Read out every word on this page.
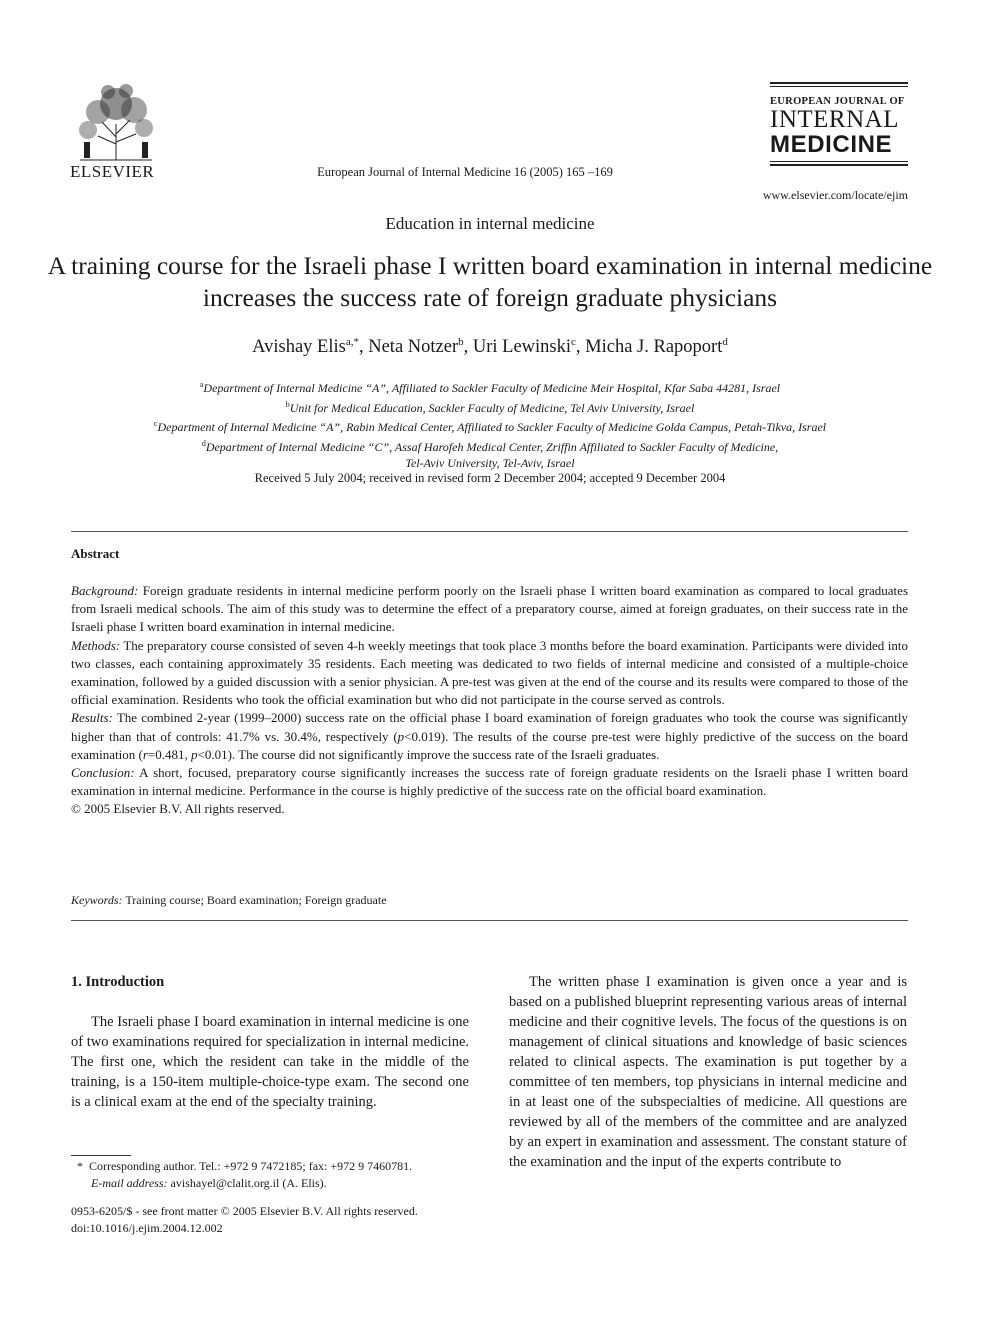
ELSEVIER	European Journal of Internal Medicine 16 (2005) 165 –169
EUROPEAN JOURNAL OF
INTERNAL
MEDICINE
www.elsevier.com/locate/ejim
Education in internal medicine
A training course for the Israeli phase I written board examination in internal medicine increases the success rate of foreign graduate physicians
Avishay Elis$^{a,*}$, Neta Notzer$^b$, Uri Lewinski$^c$, Micha J. Rapoport$^d$
$^a$Department of Internal Medicine “A”, Affiliated to Sackler Faculty of Medicine Meir Hospital, Kfar Saba 44281, Israel
$^b$Unit for Medical Education, Sackler Faculty of Medicine, Tel Aviv University, Israel
$^c$Department of Internal Medicine “A”, Rabin Medical Center, Affiliated to Sackler Faculty of Medicine Golda Campus, Petah-Tikva, Israel
$^d$Department of Internal Medicine “C”, Assaf Harofeh Medical Center, Zriffin Affiliated to Sackler Faculty of Medicine,
Tel-Aviv University, Tel-Aviv, Israel
Received 5 July 2004; received in revised form 2 December 2004; accepted 9 December 2004
Abstract

Background: Foreign graduate residents in internal medicine perform poorly on the Israeli phase I written board examination as compared to local graduates from Israeli medical schools. The aim of this study was to determine the effect of a preparatory course, aimed at foreign graduates, on their success rate in the Israeli phase I written board examination in internal medicine.

Methods: The preparatory course consisted of seven 4-h weekly meetings that took place 3 months before the board examination. Participants were divided into two classes, each containing approximately 35 residents. Each meeting was dedicated to two fields of internal medicine and consisted of a multiple-choice examination, followed by a guided discussion with a senior physician. A pre-test was given at the end of the course and its results were compared to those of the official examination. Residents who took the official examination but who did not participate in the course served as controls.

Results: The combined 2-year (1999–2000) success rate on the official phase I board examination of foreign graduates who took the course was significantly higher than that of controls: 41.7% vs. 30.4%, respectively (p<0.019). The results of the course pre-test were highly predictive of the success on the board examination (r=0.481, p<0.01). The course did not significantly improve the success rate of the Israeli graduates.

Conclusion: A short, focused, preparatory course significantly increases the success rate of foreign graduate residents on the Israeli phase I written board examination in internal medicine. Performance in the course is highly predictive of the success rate on the official board examination.

© 2005 Elsevier B.V. All rights reserved.

Keywords: Training course; Board examination; Foreign graduate
1. Introduction

The Israeli phase I board examination in internal medicine is one of two examinations required for specialization in internal medicine. The first one, which the resident can take in the middle of the training, is a 150-item multiple-choice-type exam. The second one is a clinical exam at the end of the specialty training.

The written phase I examination is given once a year and is based on a published blueprint representing various areas of internal medicine and their cognitive levels. The focus of the questions is on management of clinical situations and knowledge of basic sciences related to clinical aspects. The examination is put together by a committee of ten members, top physicians in internal medicine and in at least one of the subspecialties of medicine. All questions are reviewed by all of the members of the committee and are analyzed by an expert in examination and assessment. The constant stature of the examination and the input of the experts contribute to

* Corresponding author. Tel.: +972 9 7472185; fax: +972 9 7460781.
E-mail address: avishayel@clalit.org.il (A. Elis).
0953-6205/$ - see front matter © 2005 Elsevier B.V. All rights reserved.
doi:10.1016/j.ejim.2004.12.002
